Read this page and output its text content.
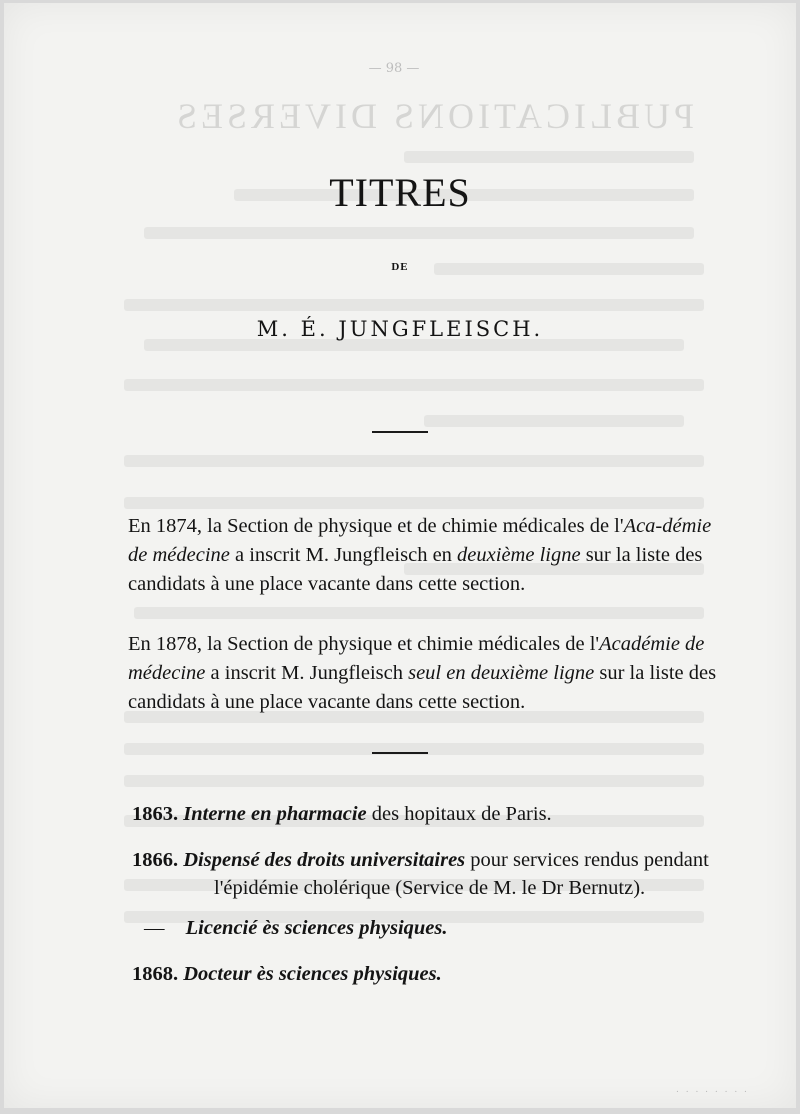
PUBLICATIONS DIVERSES
— 98 —
TITRES
DE
M. É. JUNGFLEISCH.
En 1874, la Section de physique et de chimie médicales de l'Aca-démie de médecine a inscrit M. Jungfleisch en deuxième ligne sur la liste des candidats à une place vacante dans cette section.
En 1878, la Section de physique et chimie médicales de l'Académie de médecine a inscrit M. Jungfleisch seul en deuxième ligne sur la liste des candidats à une place vacante dans cette section.
1863. Interne en pharmacie des hopitaux de Paris.
1866. Dispensé des droits universitaires pour services rendus pendant
l'épidémie cholérique (Service de M. le Dr Bernutz).
— Licencié ès sciences physiques.
1868. Docteur ès sciences physiques.
. . . . . . . .
